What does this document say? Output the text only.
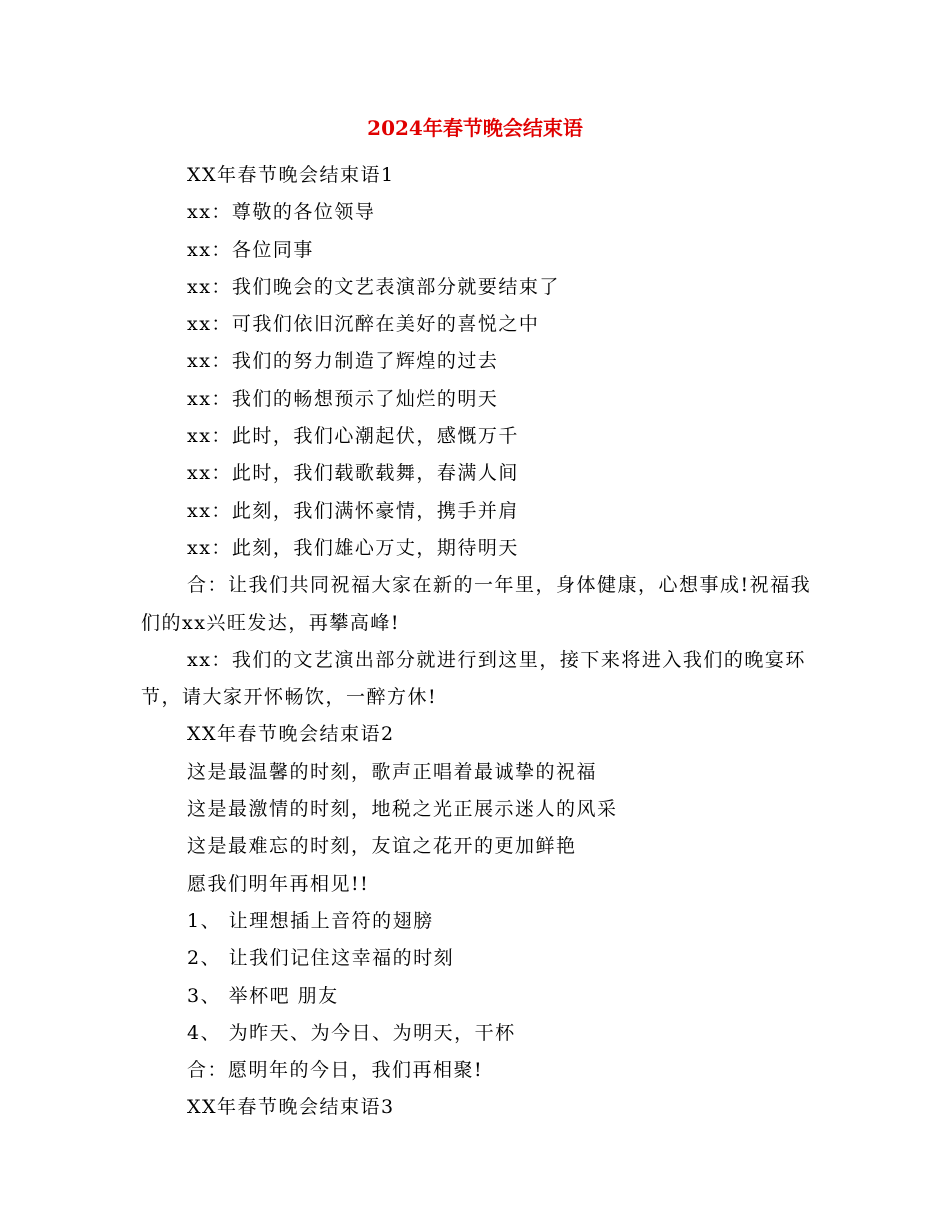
2024年春节晚会结束语

XX年春节晚会结束语1

xx：尊敬的各位领导

xx：各位同事

xx：我们晚会的文艺表演部分就要结束了

xx：可我们依旧沉醉在美好的喜悦之中

xx：我们的努力制造了辉煌的过去

xx：我们的畅想预示了灿烂的明天

xx：此时，我们心潮起伏，感慨万千

xx：此时，我们载歌载舞，春满人间

xx：此刻，我们满怀豪情，携手并肩

xx：此刻，我们雄心万丈，期待明天

合：让我们共同祝福大家在新的一年里，身体健康，心想事成!祝福我们的xx兴旺发达，再攀高峰!

xx：我们的文艺演出部分就进行到这里，接下来将进入我们的晚宴环节，请大家开怀畅饮，一醉方休!

XX年春节晚会结束语2

这是最温馨的时刻，歌声正唱着最诚挚的祝福

这是最激情的时刻，地税之光正展示迷人的风采

这是最难忘的时刻，友谊之花开的更加鲜艳

愿我们明年再相见!!

1、 让理想插上音符的翅膀

2、 让我们记住这幸福的时刻

3、 举杯吧 朋友

4、 为昨天、为今日、为明天，干杯

合：愿明年的今日，我们再相聚!

XX年春节晚会结束语3
